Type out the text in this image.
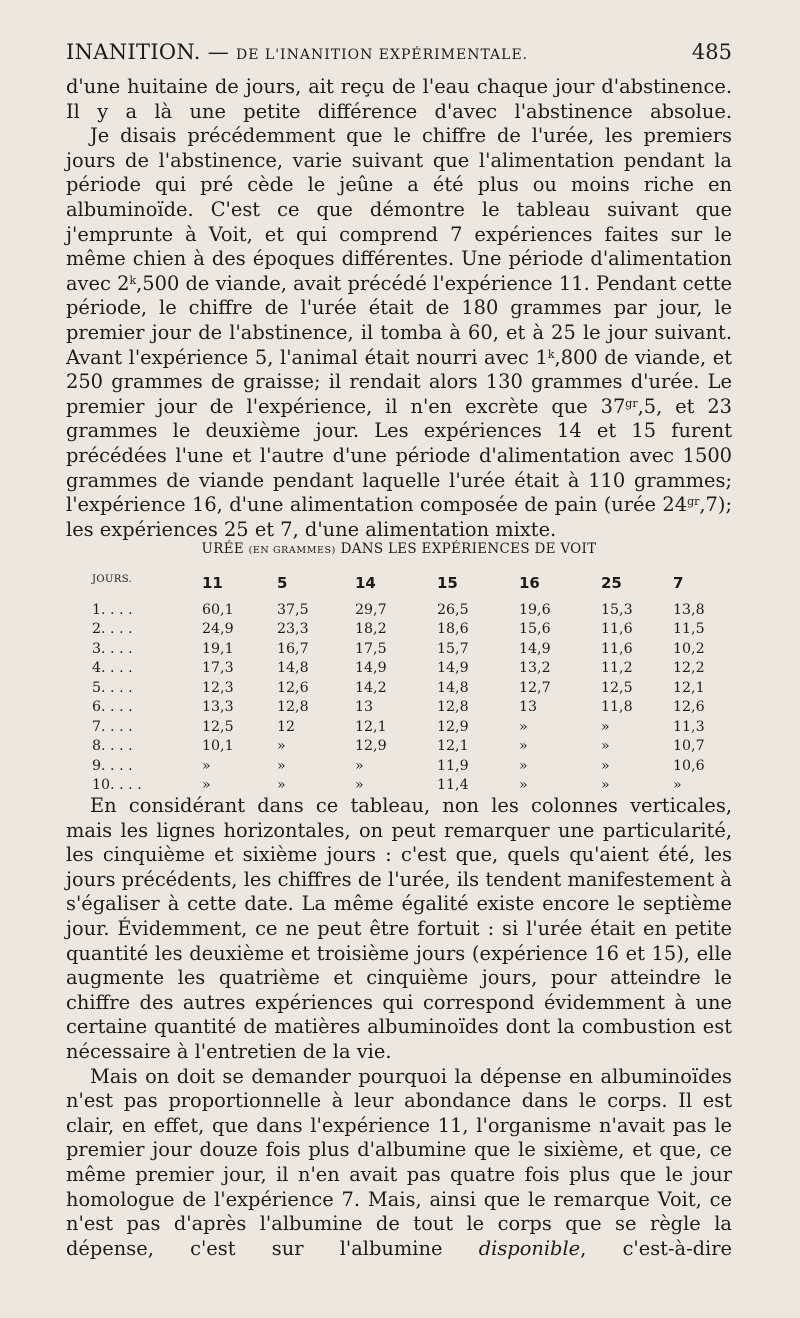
INANITION. — DE L'INANITION EXPÉRIMENTALE.	485

d'une huitaine de jours, ait reçu de l'eau chaque jour d'abstinence. Il y a là une petite différence d'avec l'abstinence absolue.

Je disais précédemment que le chiffre de l'urée, les premiers jours de l'abstinence, varie suivant que l'alimentation pendant la période qui pré cède le jeûne a été plus ou moins riche en albuminoïde. C'est ce que démontre le tableau suivant que j'emprunte à Voit, et qui comprend 7 expériences faites sur le même chien à des époques différentes. Une période d'alimentation avec 2$^k$,500 de viande, avait précédé l'expérience 11. Pendant cette période, le chiffre de l'urée était de 180 grammes par jour, le premier jour de l'abstinence, il tomba à 60, et à 25 le jour suivant. Avant l'expérience 5, l'animal était nourri avec 1$^k$,800 de viande, et 250 grammes de graisse; il rendait alors 130 grammes d'urée. Le premier jour de l'expérience, il n'en excrète que $37^{gr},5$, et 23 grammes le deuxième jour. Les expériences 14 et 15 furent précédées l'une et l'autre d'une période d'alimentation avec 1500 grammes de viande pendant laquelle l'urée était à 110 grammes; l'expérience 16, d'une alimentation composée de pain (urée $24^{gr},7$); les expériences 25 et 7, d'une alimentation mixte.

URÉE (EN GRAMMES) DANS LES EXPÉRIENCES DE VOIT
JOURS.	11	5	14	15	16	25	7
1. . . .	60,1	37,5	29,7	26,5	19,6	15,3	13,8
2. . . .	24,9	23,3	18,2	18,6	15,6	11,6	11,5
3. . . .	19,1	16,7	17,5	15,7	14,9	11,6	10,2
4. . . .	17,3	14,8	14,9	14,9	13,2	11,2	12,2
5. . . .	12,3	12,6	14,2	14,8	12,7	12,5	12,1
6. . . .	13,3	12,8	13	12,8	13	11,8	12,6
7. . . .	12,5	12	12,1	12,9	»	»	11,3
8. . . .	10,1	»	12,9	12,1	»	»	10,7
9. . . .	»	»	»	11,9	»	»	10,6
10. . . .	»	»	»	11,4	»	»	»

En considérant dans ce tableau, non les colonnes verticales, mais les lignes horizontales, on peut remarquer une particularité, les cinquième et sixième jours : c'est que, quels qu'aient été, les jours précédents, les chiffres de l'urée, ils tendent manifestement à s'égaliser à cette date. La même égalité existe encore le septième jour. Évidemment, ce ne peut être fortuit : si l'urée était en petite quantité les deuxième et troisième jours (expérience 16 et 15), elle augmente les quatrième et cinquième jours, pour atteindre le chiffre des autres expériences qui correspond évidemment à une certaine quantité de matières albuminoïdes dont la combustion est nécessaire à l'entretien de la vie.

Mais on doit se demander pourquoi la dépense en albuminoïdes n'est pas proportionnelle à leur abondance dans le corps. Il est clair, en effet, que dans l'expérience 11, l'organisme n'avait pas le premier jour douze fois plus d'albumine que le sixième, et que, ce même premier jour, il n'en avait pas quatre fois plus que le jour homologue de l'expérience 7. Mais, ainsi que le remarque Voit, ce n'est pas d'après l'albumine de tout le corps que se règle la dépense, c'est sur l'albumine disponible, c'est-à-dire
